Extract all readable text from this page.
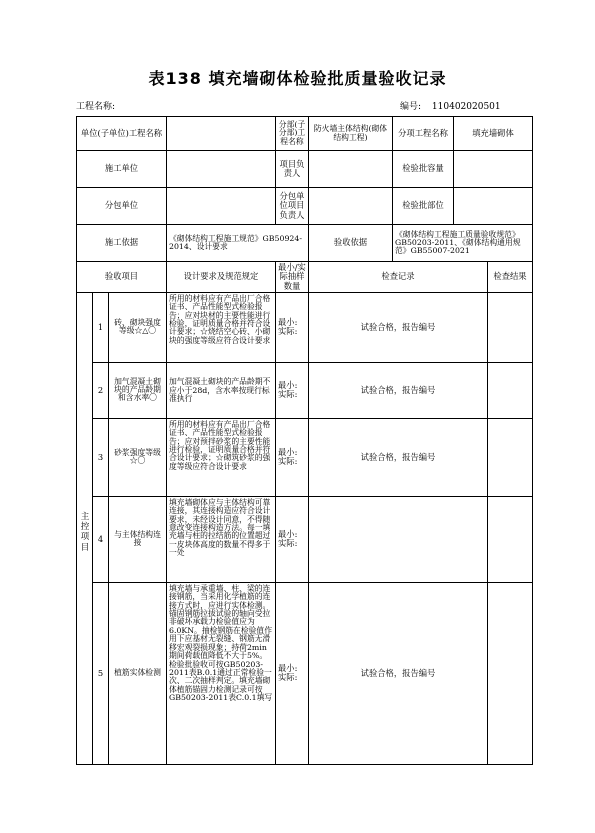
表138 填充墙砌体检验批质量验收记录
工程名称:	编号: 110402020501
单位(子单位)工程名称				分部(子分部)工程名称	防火墙主体结构(砌体结构工程)	分项工程名称	填充墙砌体	
施工单位				项目负责人		检验批容量		
分包单位				分包单位项目负责人		检验批部位		
施工依据			《砌体结构工程施工规范》GB50924-2014、设计要求		验收依据	《砌体结构工程施工质量验收规范》GB50203-2011、《砌体结构通用规范》GB55007-2021		
验收项目			设计要求及规范规定	最小/实际抽样数量	检查记录			检查结果
	1	砖、砌块强度等级☆△〇	所用的材料应有产品出厂合格证书、产品性能型式检验报告；应对块材的主要性能进行检验，证明质量合格并符合设计要求；☆烧结空心砖、小砌块的强度等级应符合设计要求	最小:
实际:	试验合格，报告编号			
	2	加气混凝土砌块的产品龄期和含水率〇	加气混凝土砌块的产品龄期不应小于28d，含水率按现行标准执行	最小:
实际:	试验合格，报告编号			
	3	砂浆强度等级☆〇	所用的材料应有产品出厂合格证书、产品性能型式检验报告；应对预拌砂浆的主要性能进行检验，证明质量合格并符合设计要求；☆砌筑砂浆的强度等级应符合设计要求	最小:
实际:	试验合格，报告编号			
	4	与主体结构连接	填充墙砌体应与主体结构可靠连接，其连接构造应符合设计要求，未经设计同意，不得随意改变连接构造方法。每一填充墙与柱的拉结筋的位置超过一皮块体高度的数量不得多于一处	最小:
实际:				

	5	植筋实体检测	填充墙与承重墙、柱、梁的连接钢筋，当采用化学植筋的连接方式时，应进行实体检测。锚固钢筋拉拔试验的轴向受拉非破坏承载力检验值应为6.0KN。抽检钢筋在检验值作用下应基材无裂缝、钢筋无滑移宏观裂损现象；持荷2min期间荷载值降低不大于5%。检验批验收可按GB50203-2011表B.0.1通过正常检验一次、二次抽样判定。填充墙砌体植筋锚固力检测记录可按GB50203-2011表C.0.1填写	最小:
实际:	试验合格，报告编号			
主
控
项
目
